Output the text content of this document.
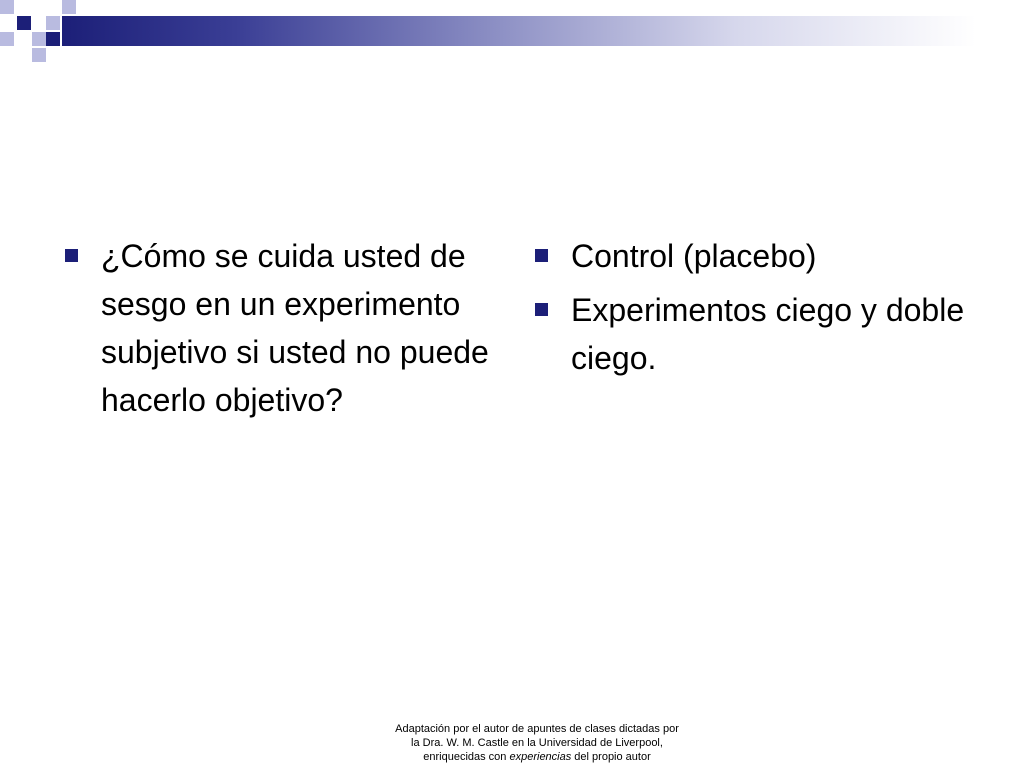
¿Cómo se cuida usted de sesgo en un experimento subjetivo si usted no puede hacerlo objetivo?
Control (placebo)
Experimentos ciego y doble ciego.
Adaptación por el autor de apuntes de clases dictadas por
la Dra. W. M. Castle en la Universidad de Liverpool,
enriquecidas con experiencias del propio autor
